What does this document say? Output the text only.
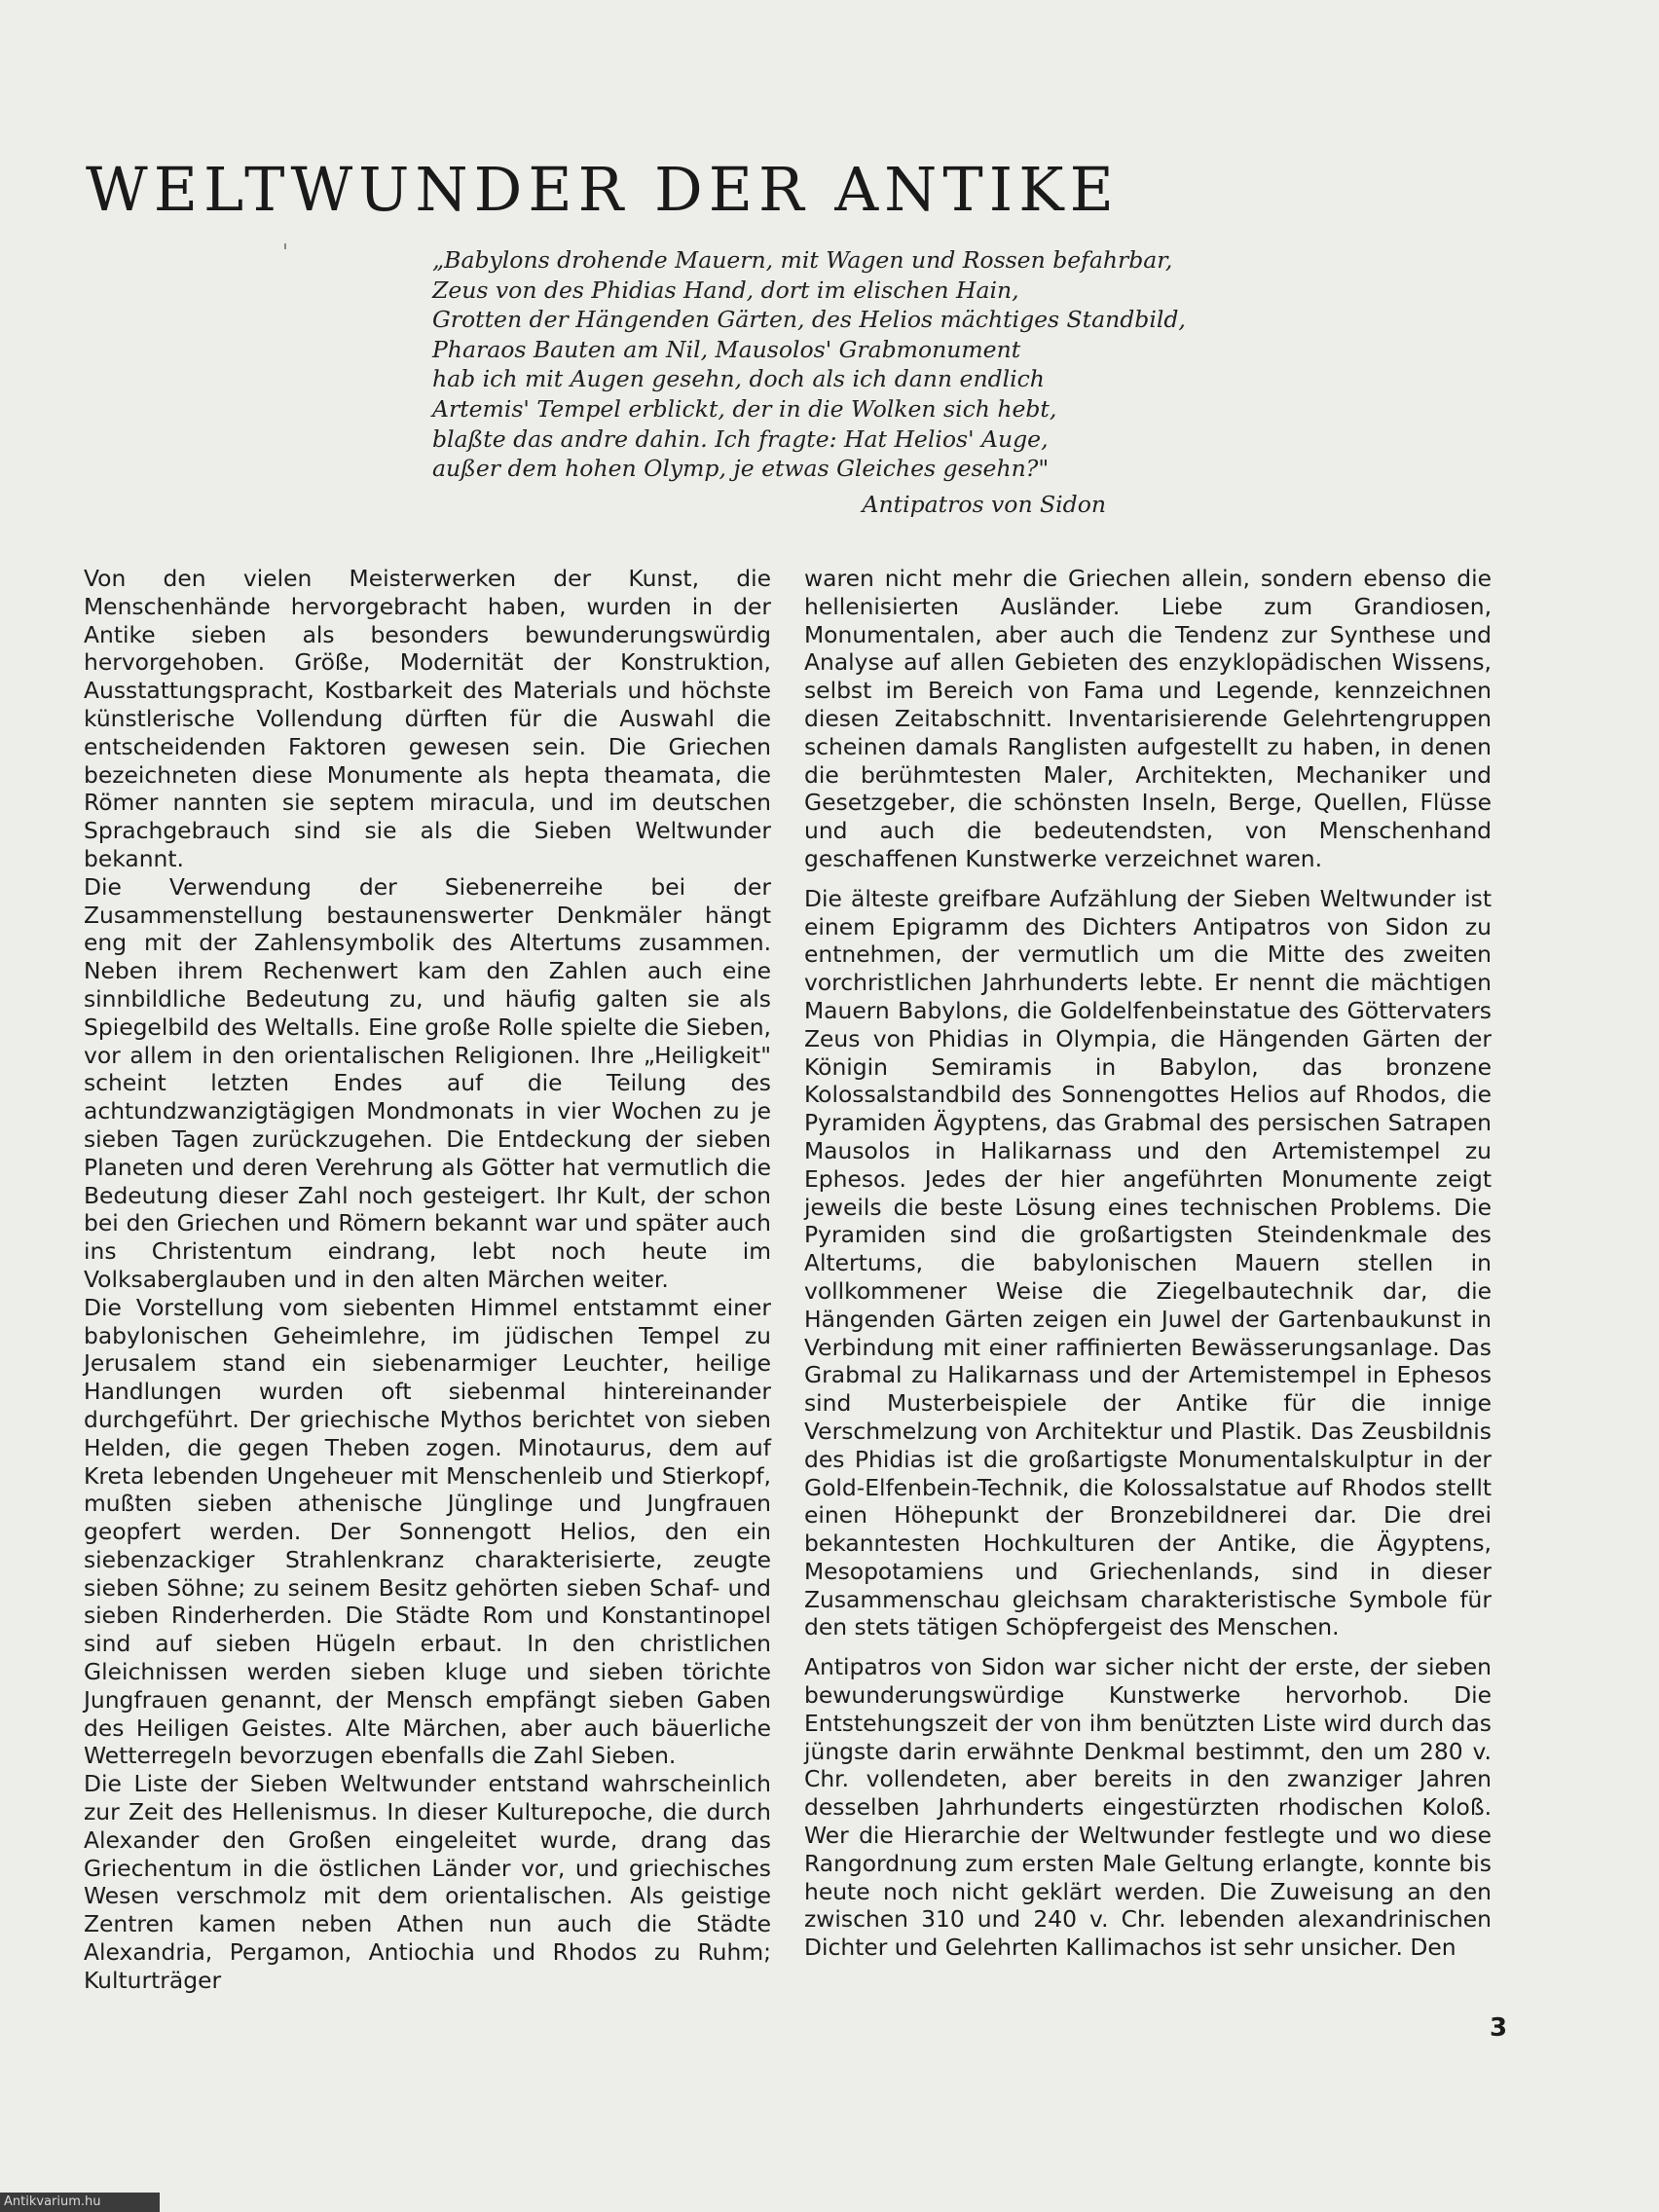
WELTWUNDER DER ANTIKE
„Babylons drohende Mauern, mit Wagen und Rossen befahrbar,
Zeus von des Phidias Hand, dort im elischen Hain,
Grotten der Hängenden Gärten, des Helios mächtiges Standbild,
Pharaos Bauten am Nil, Mausolos' Grabmonument
hab ich mit Augen gesehn, doch als ich dann endlich
Artemis' Tempel erblickt, der in die Wolken sich hebt,
blaßte das andre dahin. Ich fragte: Hat Helios' Auge,
außer dem hohen Olymp, je etwas Gleiches gesehn?"
Antipatros von Sidon

Von den vielen Meisterwerken der Kunst, die Menschenhände hervorgebracht haben, wurden in der Antike sieben als besonders bewunderungswürdig hervorgehoben. Größe, Modernität der Konstruktion, Ausstattungspracht, Kostbarkeit des Materials und höchste künstlerische Vollendung dürften für die Auswahl die entscheidenden Faktoren gewesen sein. Die Griechen bezeichneten diese Monumente als hepta theamata, die Römer nannten sie septem miracula, und im deutschen Sprachgebrauch sind sie als die Sieben Weltwunder bekannt.

Die Verwendung der Siebenerreihe bei der Zusammenstellung bestaunenswerter Denkmäler hängt eng mit der Zahlensymbolik des Altertums zusammen. Neben ihrem Rechenwert kam den Zahlen auch eine sinnbildliche Bedeutung zu, und häufig galten sie als Spiegelbild des Weltalls. Eine große Rolle spielte die Sieben, vor allem in den orientalischen Religionen. Ihre „Heiligkeit" scheint letzten Endes auf die Teilung des achtundzwanzigtägigen Mondmonats in vier Wochen zu je sieben Tagen zurückzugehen. Die Entdeckung der sieben Planeten und deren Verehrung als Götter hat vermutlich die Bedeutung dieser Zahl noch gesteigert. Ihr Kult, der schon bei den Griechen und Römern bekannt war und später auch ins Christentum eindrang, lebt noch heute im Volksaberglauben und in den alten Märchen weiter.

Die Vorstellung vom siebenten Himmel entstammt einer babylonischen Geheimlehre, im jüdischen Tempel zu Jerusalem stand ein siebenarmiger Leuchter, heilige Handlungen wurden oft siebenmal hintereinander durchgeführt. Der griechische Mythos berichtet von sieben Helden, die gegen Theben zogen. Minotaurus, dem auf Kreta lebenden Ungeheuer mit Menschenleib und Stierkopf, mußten sieben athenische Jünglinge und Jungfrauen geopfert werden. Der Sonnengott Helios, den ein siebenzackiger Strahlenkranz charakterisierte, zeugte sieben Söhne; zu seinem Besitz gehörten sieben Schaf- und sieben Rinderherden. Die Städte Rom und Konstantinopel sind auf sieben Hügeln erbaut. In den christlichen Gleichnissen werden sieben kluge und sieben törichte Jungfrauen genannt, der Mensch empfängt sieben Gaben des Heiligen Geistes. Alte Märchen, aber auch bäuerliche Wetterregeln bevorzugen ebenfalls die Zahl Sieben.

Die Liste der Sieben Weltwunder entstand wahrscheinlich zur Zeit des Hellenismus. In dieser Kulturepoche, die durch Alexander den Großen eingeleitet wurde, drang das Griechentum in die östlichen Länder vor, und griechisches Wesen verschmolz mit dem orientalischen. Als geistige Zentren kamen neben Athen nun auch die Städte Alexandria, Pergamon, Antiochia und Rhodos zu Ruhm; Kulturträger

waren nicht mehr die Griechen allein, sondern ebenso die hellenisierten Ausländer. Liebe zum Grandiosen, Monumentalen, aber auch die Tendenz zur Synthese und Analyse auf allen Gebieten des enzyklopädischen Wissens, selbst im Bereich von Fama und Legende, kennzeichnen diesen Zeitabschnitt. Inventarisierende Gelehrtengruppen scheinen damals Ranglisten aufgestellt zu haben, in denen die berühmtesten Maler, Architekten, Mechaniker und Gesetzgeber, die schönsten Inseln, Berge, Quellen, Flüsse und auch die bedeutendsten, von Menschenhand geschaffenen Kunstwerke verzeichnet waren.

Die älteste greifbare Aufzählung der Sieben Weltwunder ist einem Epigramm des Dichters Antipatros von Sidon zu entnehmen, der vermutlich um die Mitte des zweiten vorchristlichen Jahrhunderts lebte. Er nennt die mächtigen Mauern Babylons, die Goldelfenbeinstatue des Göttervaters Zeus von Phidias in Olympia, die Hängenden Gärten der Königin Semiramis in Babylon, das bronzene Kolossalstandbild des Sonnengottes Helios auf Rhodos, die Pyramiden Ägyptens, das Grabmal des persischen Satrapen Mausolos in Halikarnass und den Artemistempel zu Ephesos. Jedes der hier angeführten Monumente zeigt jeweils die beste Lösung eines technischen Problems. Die Pyramiden sind die großartigsten Steindenkmale des Altertums, die babylonischen Mauern stellen in vollkommener Weise die Ziegelbautechnik dar, die Hängenden Gärten zeigen ein Juwel der Gartenbaukunst in Verbindung mit einer raffinierten Bewässerungsanlage. Das Grabmal zu Halikarnass und der Artemistempel in Ephesos sind Musterbeispiele der Antike für die innige Verschmelzung von Architektur und Plastik. Das Zeusbildnis des Phidias ist die großartigste Monumentalskulptur in der Gold-Elfenbein-Technik, die Kolossalstatue auf Rhodos stellt einen Höhepunkt der Bronzebildnerei dar. Die drei bekanntesten Hochkulturen der Antike, die Ägyptens, Mesopotamiens und Griechenlands, sind in dieser Zusammenschau gleichsam charakteristische Symbole für den stets tätigen Schöpfergeist des Menschen.

Antipatros von Sidon war sicher nicht der erste, der sieben bewunderungswürdige Kunstwerke hervorhob. Die Entstehungszeit der von ihm benützten Liste wird durch das jüngste darin erwähnte Denkmal bestimmt, den um 280 v. Chr. vollendeten, aber bereits in den zwanziger Jahren desselben Jahrhunderts eingestürzten rhodischen Koloß. Wer die Hierarchie der Weltwunder festlegte und wo diese Rangordnung zum ersten Male Geltung erlangte, konnte bis heute noch nicht geklärt werden. Die Zuweisung an den zwischen 310 und 240 v. Chr. lebenden alexandrinischen Dichter und Gelehrten Kallimachos ist sehr unsicher. Den

3
Antikvarium.hu
